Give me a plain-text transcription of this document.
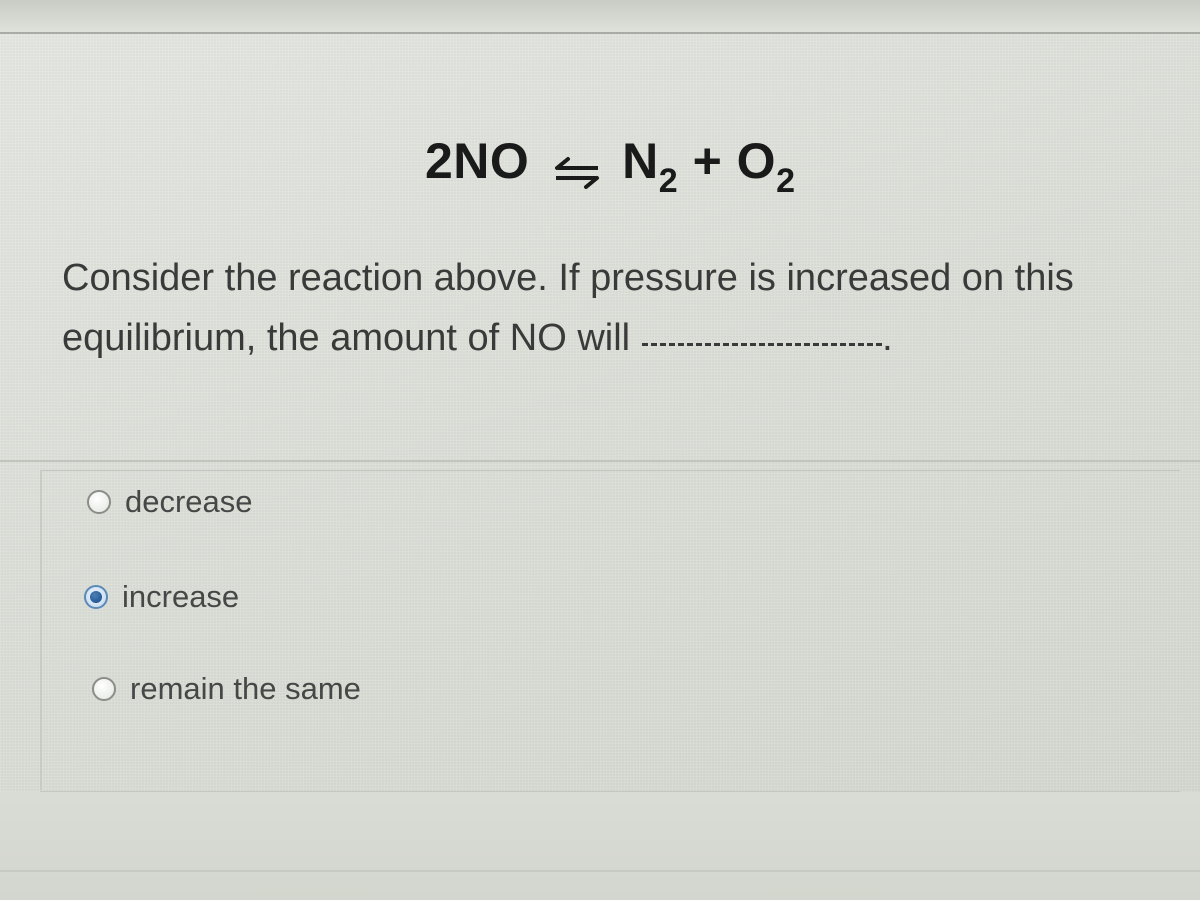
2NO ⇌ $N_2 + O_2$
Consider the reaction above. If pressure is increased on this
equilibrium, the amount of NO will	.
decrease
increase
remain the same
